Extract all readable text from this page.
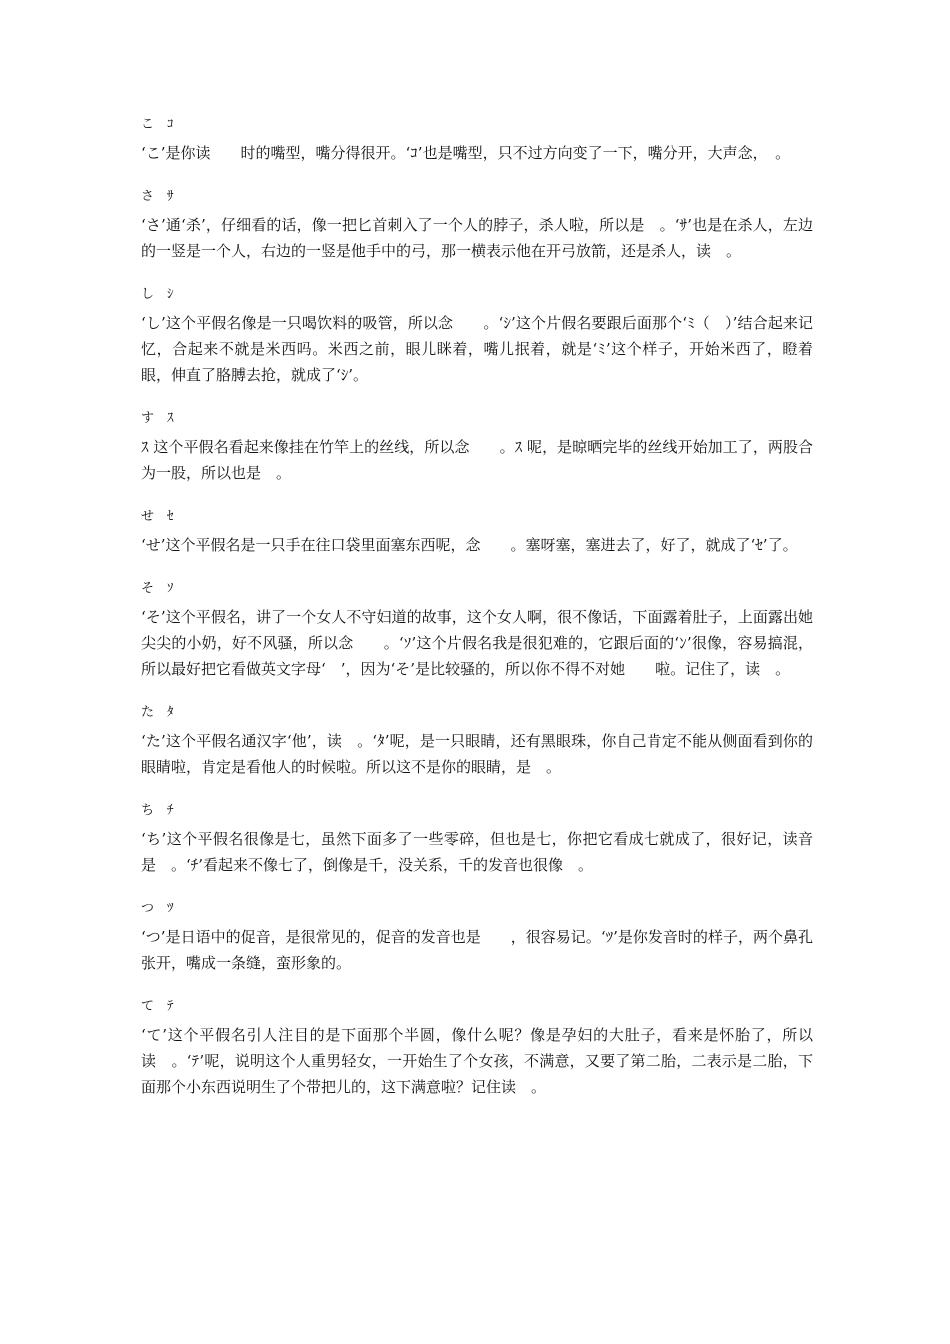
こ　ｺ

‘こ’是你读　　时的嘴型，嘴分得很开。‘ｺ’也是嘴型，只不过方向变了一下，嘴分开，大声念，　。

さ　ｻ

‘さ’通‘杀’，仔细看的话，像一把匕首刺入了一个人的脖子，杀人啦，所以是　。‘ｻ’也是在杀人，左边的一竖是一个人，右边的一竖是他手中的弓，那一横表示他在开弓放箭，还是杀人，读　。

し　ｼ

‘し’这个平假名像是一只喝饮料的吸管，所以念　　。‘ｼ’这个片假名要跟后面那个‘ﾐ（　）’结合起来记忆，合起来不就是米西吗。米西之前，眼儿眯着，嘴儿抿着，就是‘ﾐ’这个样子，开始米西了，瞪着眼，伸直了胳膊去抢，就成了‘ｼ’。

す　ｽ

ｽ 这个平假名看起来像挂在竹竿上的丝线，所以念　　。ｽ 呢，是晾晒完毕的丝线开始加工了，两股合为一股，所以也是　。

せ　ｾ

‘せ’这个平假名是一只手在往口袋里面塞东西呢，念　　。塞呀塞，塞进去了，好了，就成了‘ｾ’了。

そ　ｿ

‘そ’这个平假名，讲了一个女人不守妇道的故事，这个女人啊，很不像话，下面露着肚子，上面露出她尖尖的小奶，好不风骚，所以念　　。‘ｿ’这个片假名我是很犯难的，它跟后面的‘ﾝ’很像，容易搞混，所以最好把它看做英文字母‘　’，因为‘そ’是比较骚的，所以你不得不对她　　啦。记住了，读　。

た　ﾀ

‘た’这个平假名通汉字‘他’，读　。‘ﾀ’呢，是一只眼睛，还有黑眼珠，你自己肯定不能从侧面看到你的眼睛啦，肯定是看他人的时候啦。所以这不是你的眼睛，是　。

ち　ﾁ

‘ち’这个平假名很像是七，虽然下面多了一些零碎，但也是七，你把它看成七就成了，很好记，读音是　。‘ﾁ’看起来不像七了，倒像是千，没关系，千的发音也很像　。

つ　ﾂ

‘つ’是日语中的促音，是很常见的，促音的发音也是　　，很容易记。‘ﾂ’是你发音时的样子，两个鼻孔张开，嘴成一条缝，蛮形象的。

て　ﾃ

‘て’这个平假名引人注目的是下面那个半圆，像什么呢？像是孕妇的大肚子，看来是怀胎了，所以读　。‘ﾃ’呢，说明这个人重男轻女，一开始生了个女孩，不满意，又要了第二胎，二表示是二胎，下面那个小东西说明生了个带把儿的，这下满意啦？记住读　。
